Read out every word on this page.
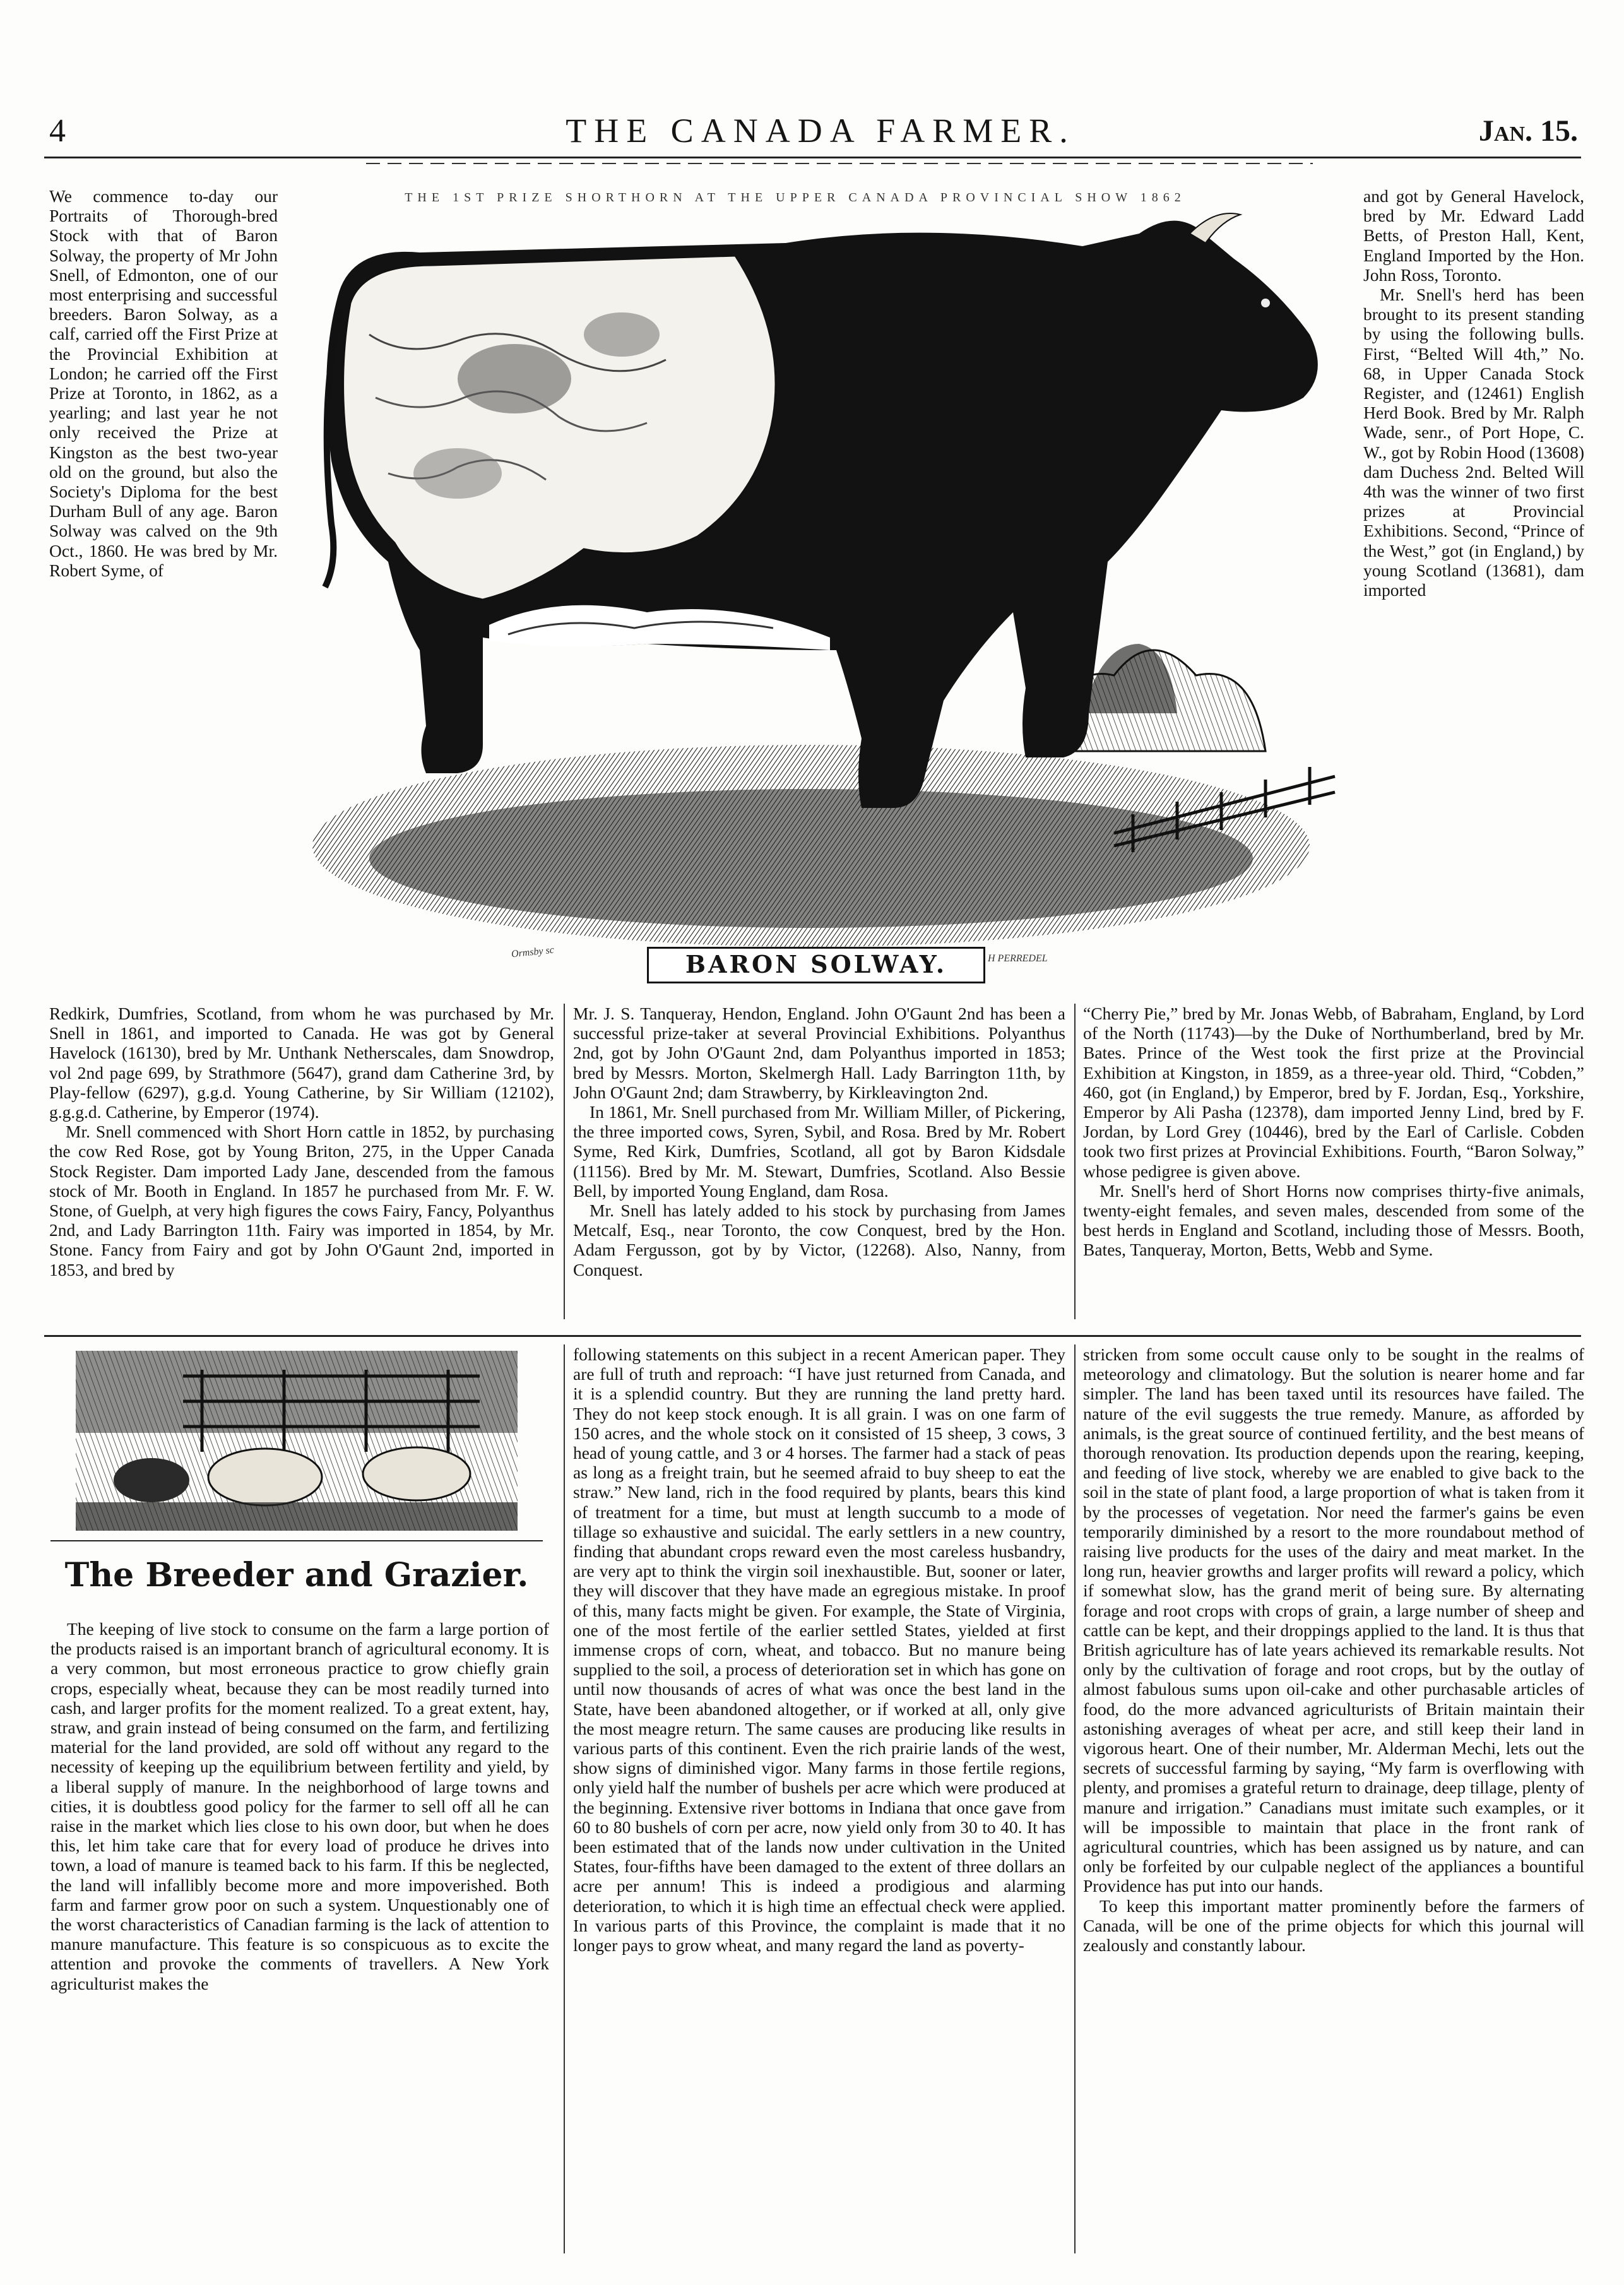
4	THE CANADA FARMER.	Jan. 15.
THE 1ST PRIZE SHORTHORN AT THE UPPER CANADA PROVINCIAL SHOW 1862
Ormsby sc	BARON SOLWAY.	H PERREDEL

We commence to-day our Portraits of Thorough-bred Stock with that of Baron Solway, the property of Mr John Snell, of Edmonton, one of our most enterprising and successful breeders. Baron Solway, as a calf, carried off the First Prize at the Provincial Exhibition at London; he carried off the First Prize at Toronto, in 1862, as a yearling; and last year he not only received the Prize at Kingston as the best two-year old on the ground, but also the Society's Diploma for the best Durham Bull of any age. Baron Solway was calved on the 9th Oct., 1860. He was bred by Mr. Robert Syme, of

and got by General Havelock, bred by Mr. Edward Ladd Betts, of Preston Hall, Kent, England Imported by the Hon. John Ross, Toronto.

Mr. Snell's herd has been brought to its present standing by using the following bulls. First, “Belted Will 4th,” No. 68, in Upper Canada Stock Register, and (12461) English Herd Book. Bred by Mr. Ralph Wade, senr., of Port Hope, C. W., got by Robin Hood (13608) dam Duchess 2nd. Belted Will 4th was the winner of two first prizes at Provincial Exhibitions. Second, “Prince of the West,” got (in England,) by young Scotland (13681), dam imported

Redkirk, Dumfries, Scotland, from whom he was purchased by Mr. Snell in 1861, and imported to Canada. He was got by General Havelock (16130), bred by Mr. Unthank Netherscales, dam Snowdrop, vol 2nd page 699, by Strathmore (5647), grand dam Catherine 3rd, by Play-fellow (6297), g.g.d. Young Catherine, by Sir William (12102), g.g.g.d. Catherine, by Emperor (1974).

Mr. Snell commenced with Short Horn cattle in 1852, by purchasing the cow Red Rose, got by Young Briton, 275, in the Upper Canada Stock Register. Dam imported Lady Jane, descended from the famous stock of Mr. Booth in England. In 1857 he purchased from Mr. F. W. Stone, of Guelph, at very high figures the cows Fairy, Fancy, Polyanthus 2nd, and Lady Barrington 11th. Fairy was imported in 1854, by Mr. Stone. Fancy from Fairy and got by John O'Gaunt 2nd, imported in 1853, and bred by

Mr. J. S. Tanqueray, Hendon, England. John O'Gaunt 2nd has been a successful prize-taker at several Provincial Exhibitions. Polyanthus 2nd, got by John O'Gaunt 2nd, dam Polyanthus imported in 1853; bred by Messrs. Morton, Skelmergh Hall. Lady Barrington 11th, by John O'Gaunt 2nd; dam Strawberry, by Kirkleavington 2nd.

In 1861, Mr. Snell purchased from Mr. William Miller, of Pickering, the three imported cows, Syren, Sybil, and Rosa. Bred by Mr. Robert Syme, Red Kirk, Dumfries, Scotland, all got by Baron Kidsdale (11156). Bred by Mr. M. Stewart, Dumfries, Scotland. Also Bessie Bell, by imported Young England, dam Rosa.

Mr. Snell has lately added to his stock by purchasing from James Metcalf, Esq., near Toronto, the cow Conquest, bred by the Hon. Adam Fergusson, got by by Victor, (12268). Also, Nanny, from Conquest.

“Cherry Pie,” bred by Mr. Jonas Webb, of Babraham, England, by Lord of the North (11743)—by the Duke of Northumberland, bred by Mr. Bates. Prince of the West took the first prize at the Provincial Exhibition at Kingston, in 1859, as a three-year old. Third, “Cobden,” 460, got (in England,) by Emperor, bred by F. Jordan, Esq., Yorkshire, Emperor by Ali Pasha (12378), dam imported Jenny Lind, bred by F. Jordan, by Lord Grey (10446), bred by the Earl of Carlisle. Cobden took two first prizes at Provincial Exhibitions. Fourth, “Baron Solway,” whose pedigree is given above.

Mr. Snell's herd of Short Horns now comprises thirty-five animals, twenty-eight females, and seven males, descended from some of the best herds in England and Scotland, including those of Messrs. Booth, Bates, Tanqueray, Morton, Betts, Webb and Syme.

The Breeder and Grazier.

The keeping of live stock to consume on the farm a large portion of the products raised is an important branch of agricultural economy. It is a very common, but most erroneous practice to grow chiefly grain crops, especially wheat, because they can be most readily turned into cash, and larger profits for the moment realized. To a great extent, hay, straw, and grain instead of being consumed on the farm, and fertilizing material for the land provided, are sold off without any regard to the necessity of keeping up the equilibrium between fertility and yield, by a liberal supply of manure. In the neighborhood of large towns and cities, it is doubtless good policy for the farmer to sell off all he can raise in the market which lies close to his own door, but when he does this, let him take care that for every load of produce he drives into town, a load of manure is teamed back to his farm. If this be neglected, the land will infallibly become more and more impoverished. Both farm and farmer grow poor on such a system. Unquestionably one of the worst characteristics of Canadian farming is the lack of attention to manure manufacture. This feature is so conspicuous as to excite the attention and provoke the comments of travellers. A New York agriculturist makes the

following statements on this subject in a recent American paper. They are full of truth and reproach: “I have just returned from Canada, and it is a splendid country. But they are running the land pretty hard. They do not keep stock enough. It is all grain. I was on one farm of 150 acres, and the whole stock on it consisted of 15 sheep, 3 cows, 3 head of young cattle, and 3 or 4 horses. The farmer had a stack of peas as long as a freight train, but he seemed afraid to buy sheep to eat the straw.” New land, rich in the food required by plants, bears this kind of treatment for a time, but must at length succumb to a mode of tillage so exhaustive and suicidal. The early settlers in a new country, finding that abundant crops reward even the most careless husbandry, are very apt to think the virgin soil inexhaustible. But, sooner or later, they will discover that they have made an egregious mistake. In proof of this, many facts might be given. For example, the State of Virginia, one of the most fertile of the earlier settled States, yielded at first immense crops of corn, wheat, and tobacco. But no manure being supplied to the soil, a process of deterioration set in which has gone on until now thousands of acres of what was once the best land in the State, have been abandoned altogether, or if worked at all, only give the most meagre return. The same causes are producing like results in various parts of this continent. Even the rich prairie lands of the west, show signs of diminished vigor. Many farms in those fertile regions, only yield half the number of bushels per acre which were produced at the beginning. Extensive river bottoms in Indiana that once gave from 60 to 80 bushels of corn per acre, now yield only from 30 to 40. It has been estimated that of the lands now under cultivation in the United States, four-fifths have been damaged to the extent of three dollars an acre per annum! This is indeed a prodigious and alarming deterioration, to which it is high time an effectual check were applied. In various parts of this Province, the complaint is made that it no longer pays to grow wheat, and many regard the land as poverty-

stricken from some occult cause only to be sought in the realms of meteorology and climatology. But the solution is nearer home and far simpler. The land has been taxed until its resources have failed. The nature of the evil suggests the true remedy. Manure, as afforded by animals, is the great source of continued fertility, and the best means of thorough renovation. Its production depends upon the rearing, keeping, and feeding of live stock, whereby we are enabled to give back to the soil in the state of plant food, a large proportion of what is taken from it by the processes of vegetation. Nor need the farmer's gains be even temporarily diminished by a resort to the more roundabout method of raising live products for the uses of the dairy and meat market. In the long run, heavier growths and larger profits will reward a policy, which if somewhat slow, has the grand merit of being sure. By alternating forage and root crops with crops of grain, a large number of sheep and cattle can be kept, and their droppings applied to the land. It is thus that British agriculture has of late years achieved its remarkable results. Not only by the cultivation of forage and root crops, but by the outlay of almost fabulous sums upon oil-cake and other purchasable articles of food, do the more advanced agriculturists of Britain maintain their astonishing averages of wheat per acre, and still keep their land in vigorous heart. One of their number, Mr. Alderman Mechi, lets out the secrets of successful farming by saying, “My farm is overflowing with plenty, and promises a grateful return to drainage, deep tillage, plenty of manure and irrigation.” Canadians must imitate such examples, or it will be impossible to maintain that place in the front rank of agricultural countries, which has been assigned us by nature, and can only be forfeited by our culpable neglect of the appliances a bountiful Providence has put into our hands.

To keep this important matter prominently before the farmers of Canada, will be one of the prime objects for which this journal will zealously and constantly labour.
